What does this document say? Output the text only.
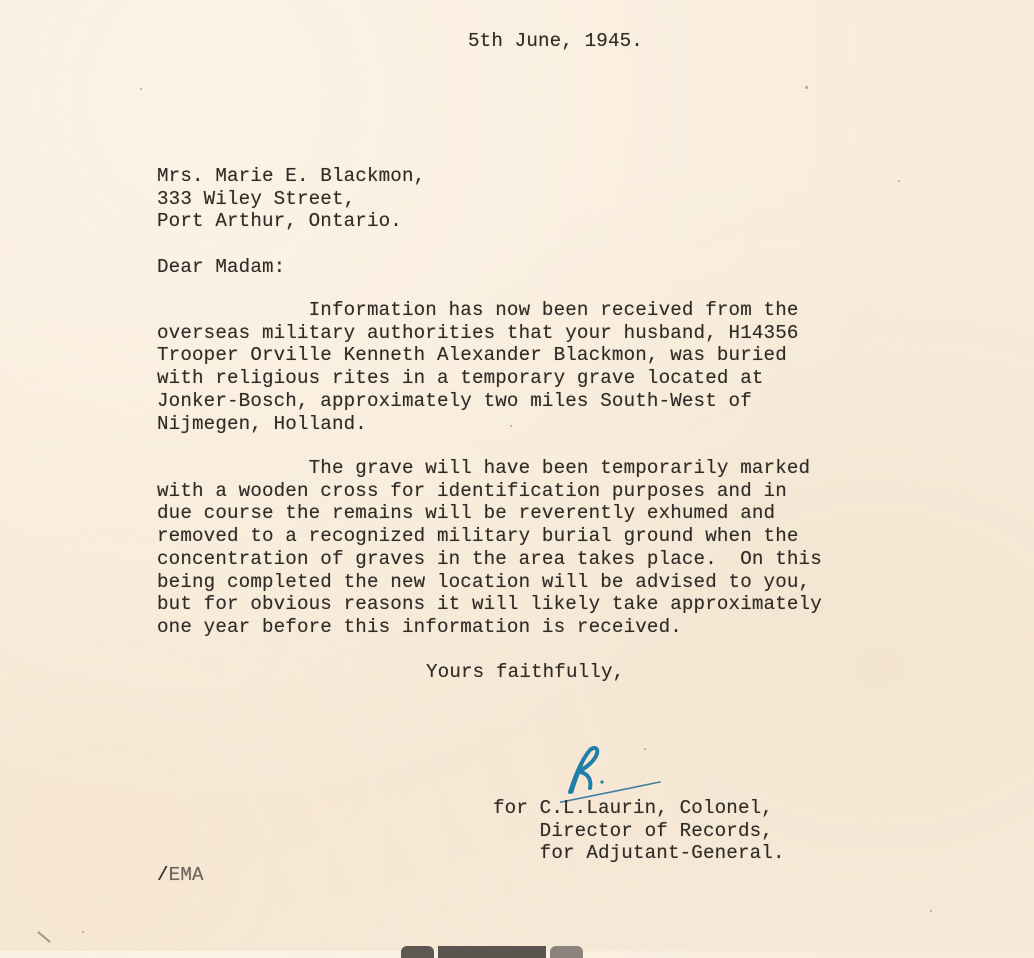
5th June, 1945.
Mrs. Marie E. Blackmon,
333 Wiley Street,
Port Arthur, Ontario.
Dear Madam:
Information has now been received from the
overseas military authorities that your husband, H14356
Trooper Orville Kenneth Alexander Blackmon, was buried
with religious rites in a temporary grave located at
Jonker-Bosch, approximately two miles South-West of
Nijmegen, Holland.
The grave will have been temporarily marked
with a wooden cross for identification purposes and in
due course the remains will be reverently exhumed and
removed to a recognized military burial ground when the
concentration of graves in the area takes place.  On this
being completed the new location will be advised to you,
but for obvious reasons it will likely take approximately
one year before this information is received.
Yours faithfully,
for C.L.Laurin, Colonel,
Director of Records,
for Adjutant-General.
/EMA
